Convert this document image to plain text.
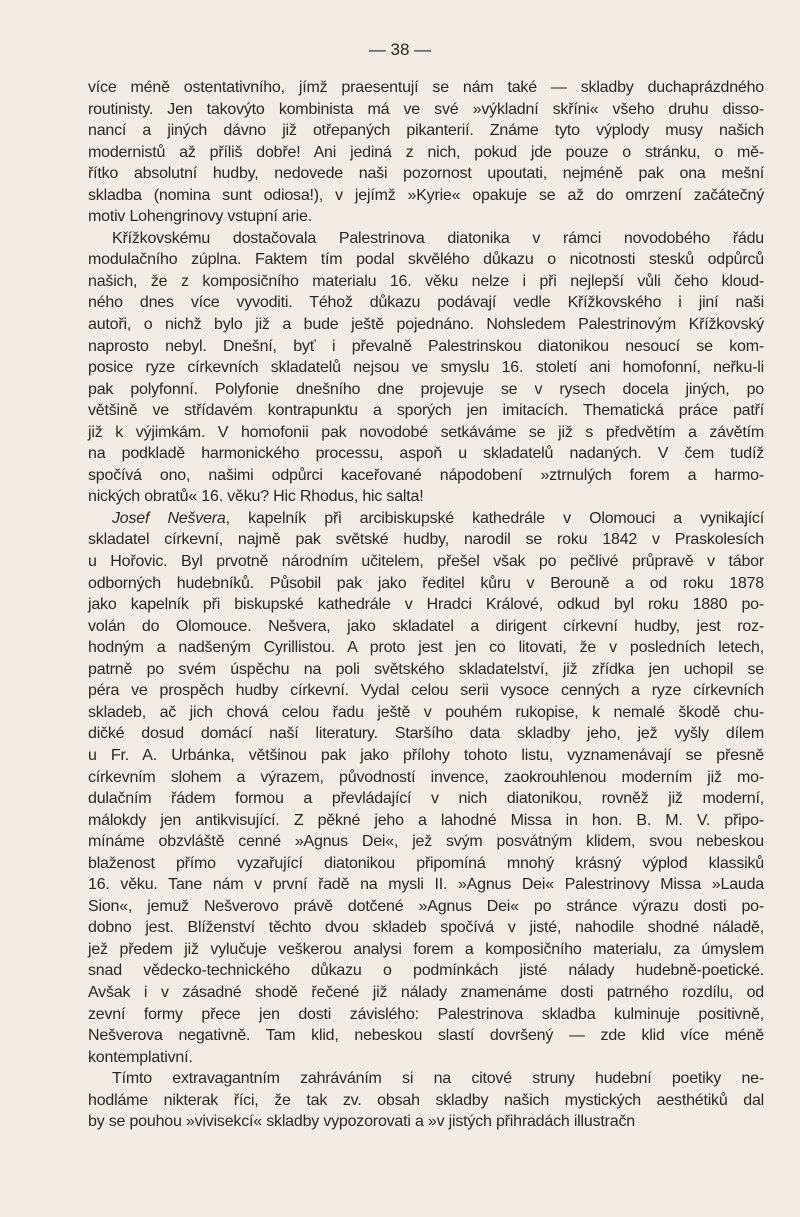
— 38 —
více méně ostentativního, jímž praesentují se nám také — skladby duchaprázdného
routinisty. Jen takovýto kombinista má ve své »výkladní skříni« všeho druhu disso-
nancí a jiných dávno již otřepaných pikanterií. Známe tyto výplody musy našich
modernistů až příliš dobře! Ani jediná z nich, pokud jde pouze o stránku, o mě-
řítko absolutní hudby, nedovede naši pozornost upoutati, nejméně pak ona mešní
skladba (nomina sunt odiosa!), v jejímž »Kyrie« opakuje se až do omrzení začátečný
motiv Lohengrinovy vstupní arie.
Křížkovskému dostačovala Palestrinova diatonika v rámci novodobého řádu
modulačního zúplna. Faktem tím podal skvělého důkazu o nicotnosti stesků odpůrců
našich, že z komposičního materialu 16. věku nelze i při nejlepší vůli čeho kloud-
ného dnes více vyvoditi. Téhož důkazu podávají vedle Křížkovského i jiní naši
autoři, o nichž bylo již a bude ještě pojednáno. Nohsledem Palestrinovým Křížkovský
naprosto nebyl. Dnešní, byť i převalně Palestrinskou diatonikou nesoucí se kom-
posice ryze církevních skladatelů nejsou ve smyslu 16. století ani homofonní, neřku-li
pak polyfonní. Polyfonie dnešního dne projevuje se v rysech docela jiných, po
většině ve střídavém kontrapunktu a sporých jen imitacích. Thematická práce patří
již k výjimkám. V homofonii pak novodobé setkáváme se již s předvětím a závětím
na podkladě harmonického processu, aspoň u skladatelů nadaných. V čem tudíž
spočívá ono, našimi odpůrci kaceřované nápodobení »ztrnulých forem a harmo-
nických obratů« 16. věku? Hic Rhodus, hic salta!
Josef Nešvera, kapelník při arcibiskupské kathedrále v Olomouci a vynikající
skladatel církevní, najmě pak světské hudby, narodil se roku 1842 v Praskolesích
u Hořovic. Byl prvotně národním učitelem, přešel však po pečlivé průpravě v tábor
odborných hudebníků. Působil pak jako ředitel kůru v Berouně a od roku 1878
jako kapelník při biskupské kathedrále v Hradci Králové, odkud byl roku 1880 po-
volán do Olomouce. Nešvera, jako skladatel a dirigent církevní hudby, jest roz-
hodným a nadšeným Cyrillistou. A proto jest jen co litovati, že v posledních letech,
patrně po svém úspěchu na poli světského skladatelství, již zřídka jen uchopil se
péra ve prospěch hudby církevní. Vydal celou serii vysoce cenných a ryze církevních
skladeb, ač jich chová celou řadu ještě v pouhém rukopise, k nemalé škodě chu-
dičké dosud domácí naší literatury. Staršího data skladby jeho, jež vyšly dílem
u Fr. A. Urbánka, většinou pak jako přílohy tohoto listu, vyznamenávají se přesně
církevním slohem a výrazem, původností invence, zaokrouhlenou moderním již mo-
dulačním řádem formou a převládající v nich diatonikou, rovněž již moderní,
málokdy jen antikvisující. Z pěkné jeho a lahodné Missa in hon. B. M. V. připo-
mínáme obzvláště cenné »Agnus Dei«, jež svým posvátným klidem, svou nebeskou
blaženost přímo vyzařující diatonikou připomíná mnohý krásný výplod klassiků
16. věku. Tane nám v první řadě na mysli II. »Agnus Dei« Palestrinovy Missa »Lauda
Sion«, jemuž Nešverovo právě dotčené »Agnus Dei« po stránce výrazu dosti po-
dobno jest. Blíženství těchto dvou skladeb spočívá v jisté, nahodile shodné náladě,
jež předem již vylučuje veškerou analysi forem a komposičního materialu, za úmyslem
snad vědecko-technického důkazu o podmínkách jisté nálady hudebně-poetické.
Avšak i v zásadné shodě řečené již nálady znamenáme dosti patrného rozdílu, od
zevní formy přece jen dosti závislého: Palestrinova skladba kulminuje positivně,
Nešverova negativně. Tam klid, nebeskou slastí dovršený — zde klid více méně
kontemplativní.
Tímto extravagantním zahráváním si na citové struny hudební poetiky ne-
hodláme nikterak říci, že tak zv. obsah skladby našich mystických aesthétiků dal
by se pouhou »vivisekcí« skladby vypozorovati a »v jistých přihradách illustračn
